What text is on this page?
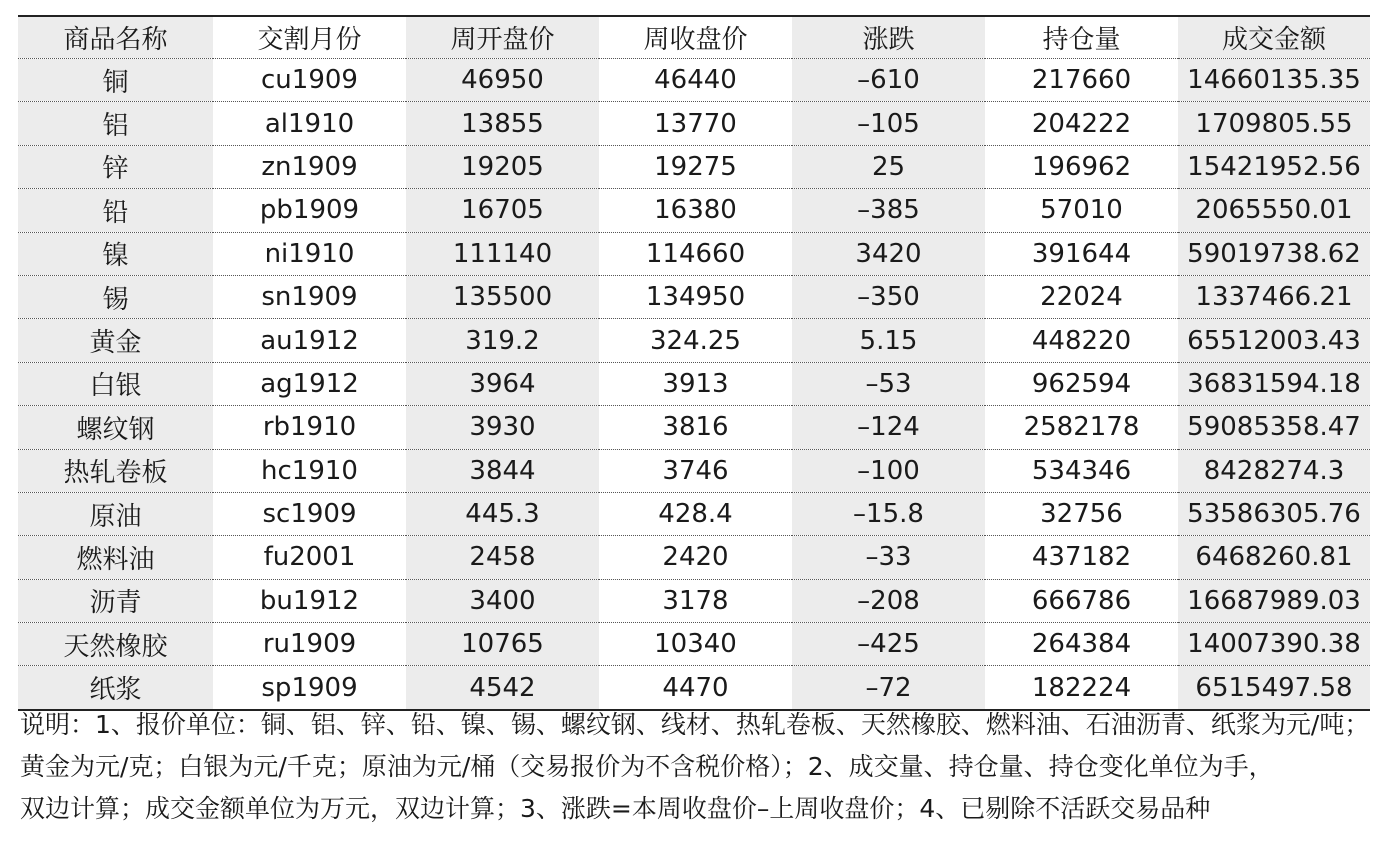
商品名称	交割月份	周开盘价	周收盘价	涨跌	持仓量	成交金额
铜	cu1909	46950	46440	–610	217660	14660135.35
铝	al1910	13855	13770	–105	204222	1709805.55
锌	zn1909	19205	19275	25	196962	15421952.56
铅	pb1909	16705	16380	–385	57010	2065550.01
镍	ni1910	111140	114660	3420	391644	59019738.62
锡	sn1909	135500	134950	–350	22024	1337466.21
黄金	au1912	319.2	324.25	5.15	448220	65512003.43
白银	ag1912	3964	3913	–53	962594	36831594.18
螺纹钢	rb1910	3930	3816	–124	2582178	59085358.47
热轧卷板	hc1910	3844	3746	–100	534346	8428274.3
原油	sc1909	445.3	428.4	–15.8	32756	53586305.76
燃料油	fu2001	2458	2420	–33	437182	6468260.81
沥青	bu1912	3400	3178	–208	666786	16687989.03
天然橡胶	ru1909	10765	10340	–425	264384	14007390.38
纸浆	sp1909	4542	4470	–72	182224	6515497.58
说明：1、报价单位：铜、铝、锌、铅、镍、锡、螺纹钢、线材、热轧卷板、天然橡胶、燃料油、石油沥青、纸浆为元/吨；
黄金为元/克；白银为元/千克；原油为元/桶（交易报价为不含税价格）；2、成交量、持仓量、持仓变化单位为手，
双边计算；成交金额单位为万元，双边计算；3、涨跌=本周收盘价–上周收盘价；4、已剔除不活跃交易品种
